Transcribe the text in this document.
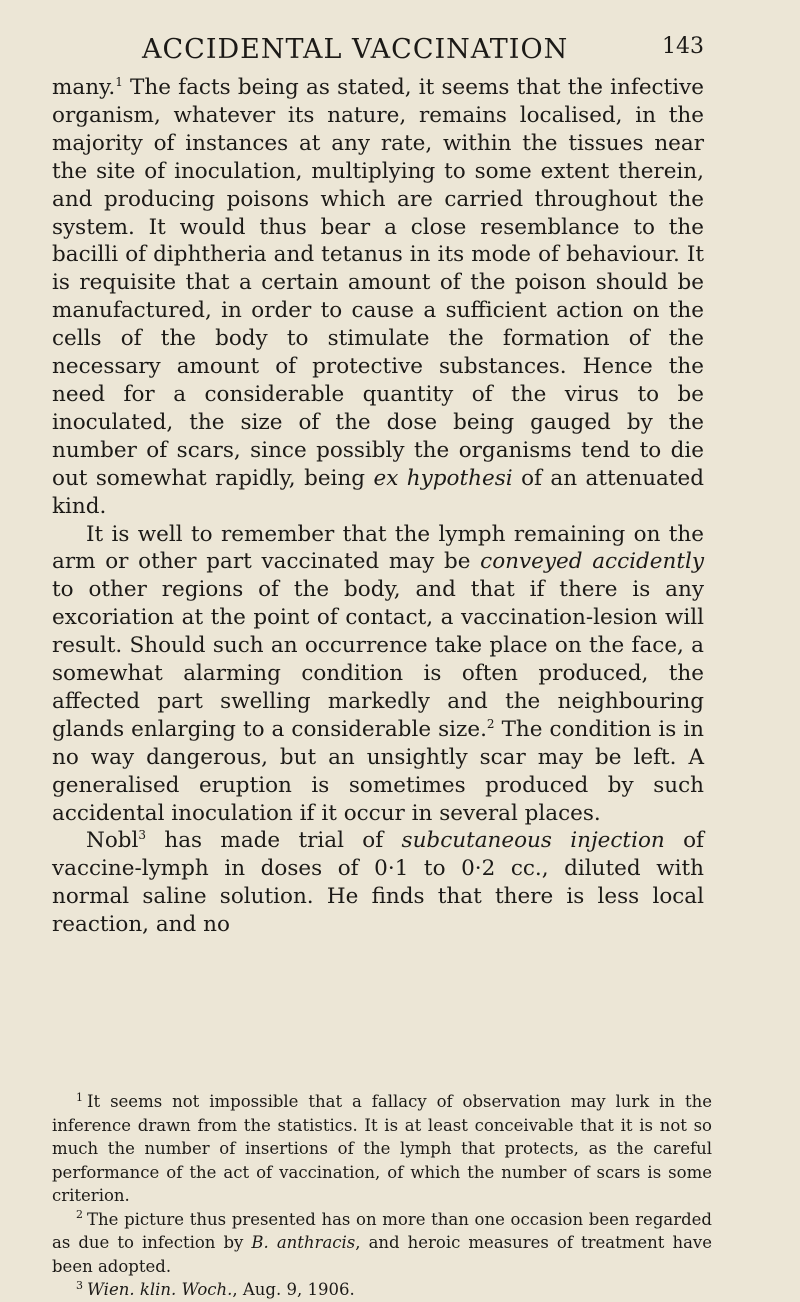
ACCIDENTAL VACCINATION	143

many.$^1$ The facts being as stated, it seems that the infective organism, whatever its nature, remains localised, in the majority of instances at any rate, within the tissues near the site of inoculation, multiplying to some extent therein, and producing poisons which are carried throughout the system. It would thus bear a close resemblance to the bacilli of diphtheria and tetanus in its mode of behaviour. It is requisite that a certain amount of the poison should be manufactured, in order to cause a sufficient action on the cells of the body to stimulate the formation of the necessary amount of protective substances. Hence the need for a considerable quantity of the virus to be inoculated, the size of the dose being gauged by the number of scars, since possibly the organisms tend to die out somewhat rapidly, being ex hypothesi of an attenuated kind.

It is well to remember that the lymph remaining on the arm or other part vaccinated may be conveyed accidently to other regions of the body, and that if there is any excoriation at the point of contact, a vaccination-lesion will result. Should such an occurrence take place on the face, a somewhat alarming condition is often produced, the affected part swelling markedly and the neighbouring glands enlarging to a considerable size.$^2$ The condition is in no way dangerous, but an unsightly scar may be left. A generalised eruption is sometimes produced by such accidental inoculation if it occur in several places.

Nobl$^3$ has made trial of subcutaneous injection of vaccine-lymph in doses of 0·1 to 0·2 cc., diluted with normal saline solution. He finds that there is less local reaction, and no

$^1$ It seems not impossible that a fallacy of observation may lurk in the inference drawn from the statistics. It is at least conceivable that it is not so much the number of insertions of the lymph that protects, as the careful performance of the act of vaccination, of which the number of scars is some criterion.

$^2$ The picture thus presented has on more than one occasion been regarded as due to infection by B. anthracis, and heroic measures of treatment have been adopted.

$^3$ Wien. klin. Woch., Aug. 9, 1906.
